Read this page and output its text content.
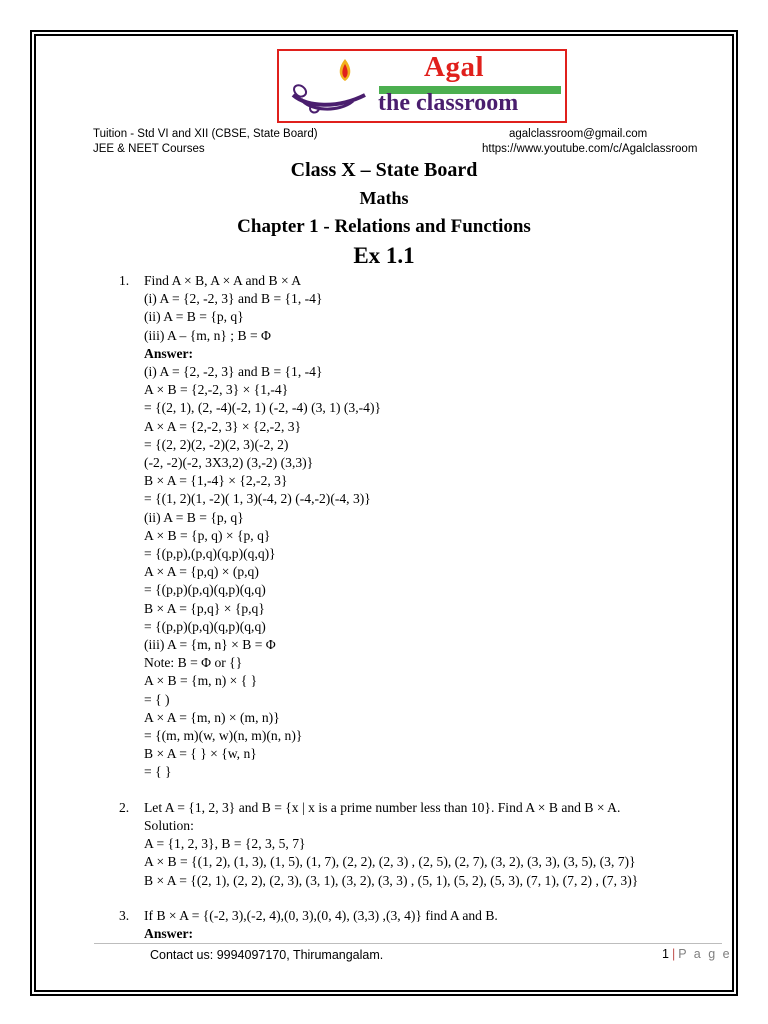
Agal
the classroom
Tuition - Std VI and XII (CBSE, State Board)
JEE & NEET Courses
agalclassroom@gmail.com
https://www.youtube.com/c/Agalclassroom
Class X – State Board
Maths
Chapter 1 - Relations and Functions
Ex 1.1
1. Find A × B, A × A and B × A
(i) A = {2, -2, 3} and B = {1, -4}
(ii) A = B = {p, q}
(iii) A – {m, n} ; B = Φ
Answer:
(i) A = {2, -2, 3} and B = {1, -4}
A × B = {2,-2, 3} × {1,-4}
= {(2, 1), (2, -4)(-2, 1) (-2, -4) (3, 1) (3,-4)}
A × A = {2,-2, 3} × {2,-2, 3}
= {(2, 2)(2, -2)(2, 3)(-2, 2)
(-2, -2)(-2, 3X3,2) (3,-2) (3,3)}
B × A = {1,-4} × {2,-2, 3}
= {(1, 2)(1, -2)( 1, 3)(-4, 2) (-4,-2)(-4, 3)}
(ii) A = B = {p, q}
A × B = {p, q) × {p, q}
= {(p,p),(p,q)(q,p)(q,q)}
A × A = {p,q) × (p,q)
= {(p,p)(p,q)(q,p)(q,q)
B × A = {p,q} × {p,q}
= {(p,p)(p,q)(q,p)(q,q)
(iii) A = {m, n} × B = Φ
Note: B = Φ or {}
A × B = {m, n) × { }
= { )
A × A = {m, n) × (m, n)}
= {(m, m)(w, w)(n, m)(n, n)}
B × A = { } × {w, n}
= { }
2. Let A = {1, 2, 3} and B = {x | x is a prime number less than 10}. Find A × B and B × A.
Solution:
A = {1, 2, 3}, B = {2, 3, 5, 7}
A × B = {(1, 2), (1, 3), (1, 5), (1, 7), (2, 2), (2, 3) , (2, 5), (2, 7), (3, 2), (3, 3), (3, 5), (3, 7)}
B × A = {(2, 1), (2, 2), (2, 3), (3, 1), (3, 2), (3, 3) , (5, 1), (5, 2), (5, 3), (7, 1), (7, 2) , (7, 3)}
3. If B × A = {(-2, 3),(-2, 4),(0, 3),(0, 4), (3,3) ,(3, 4)} find A and B.
Answer:
Contact us: 9994097170, Thirumangalam.	1 | P a g e
